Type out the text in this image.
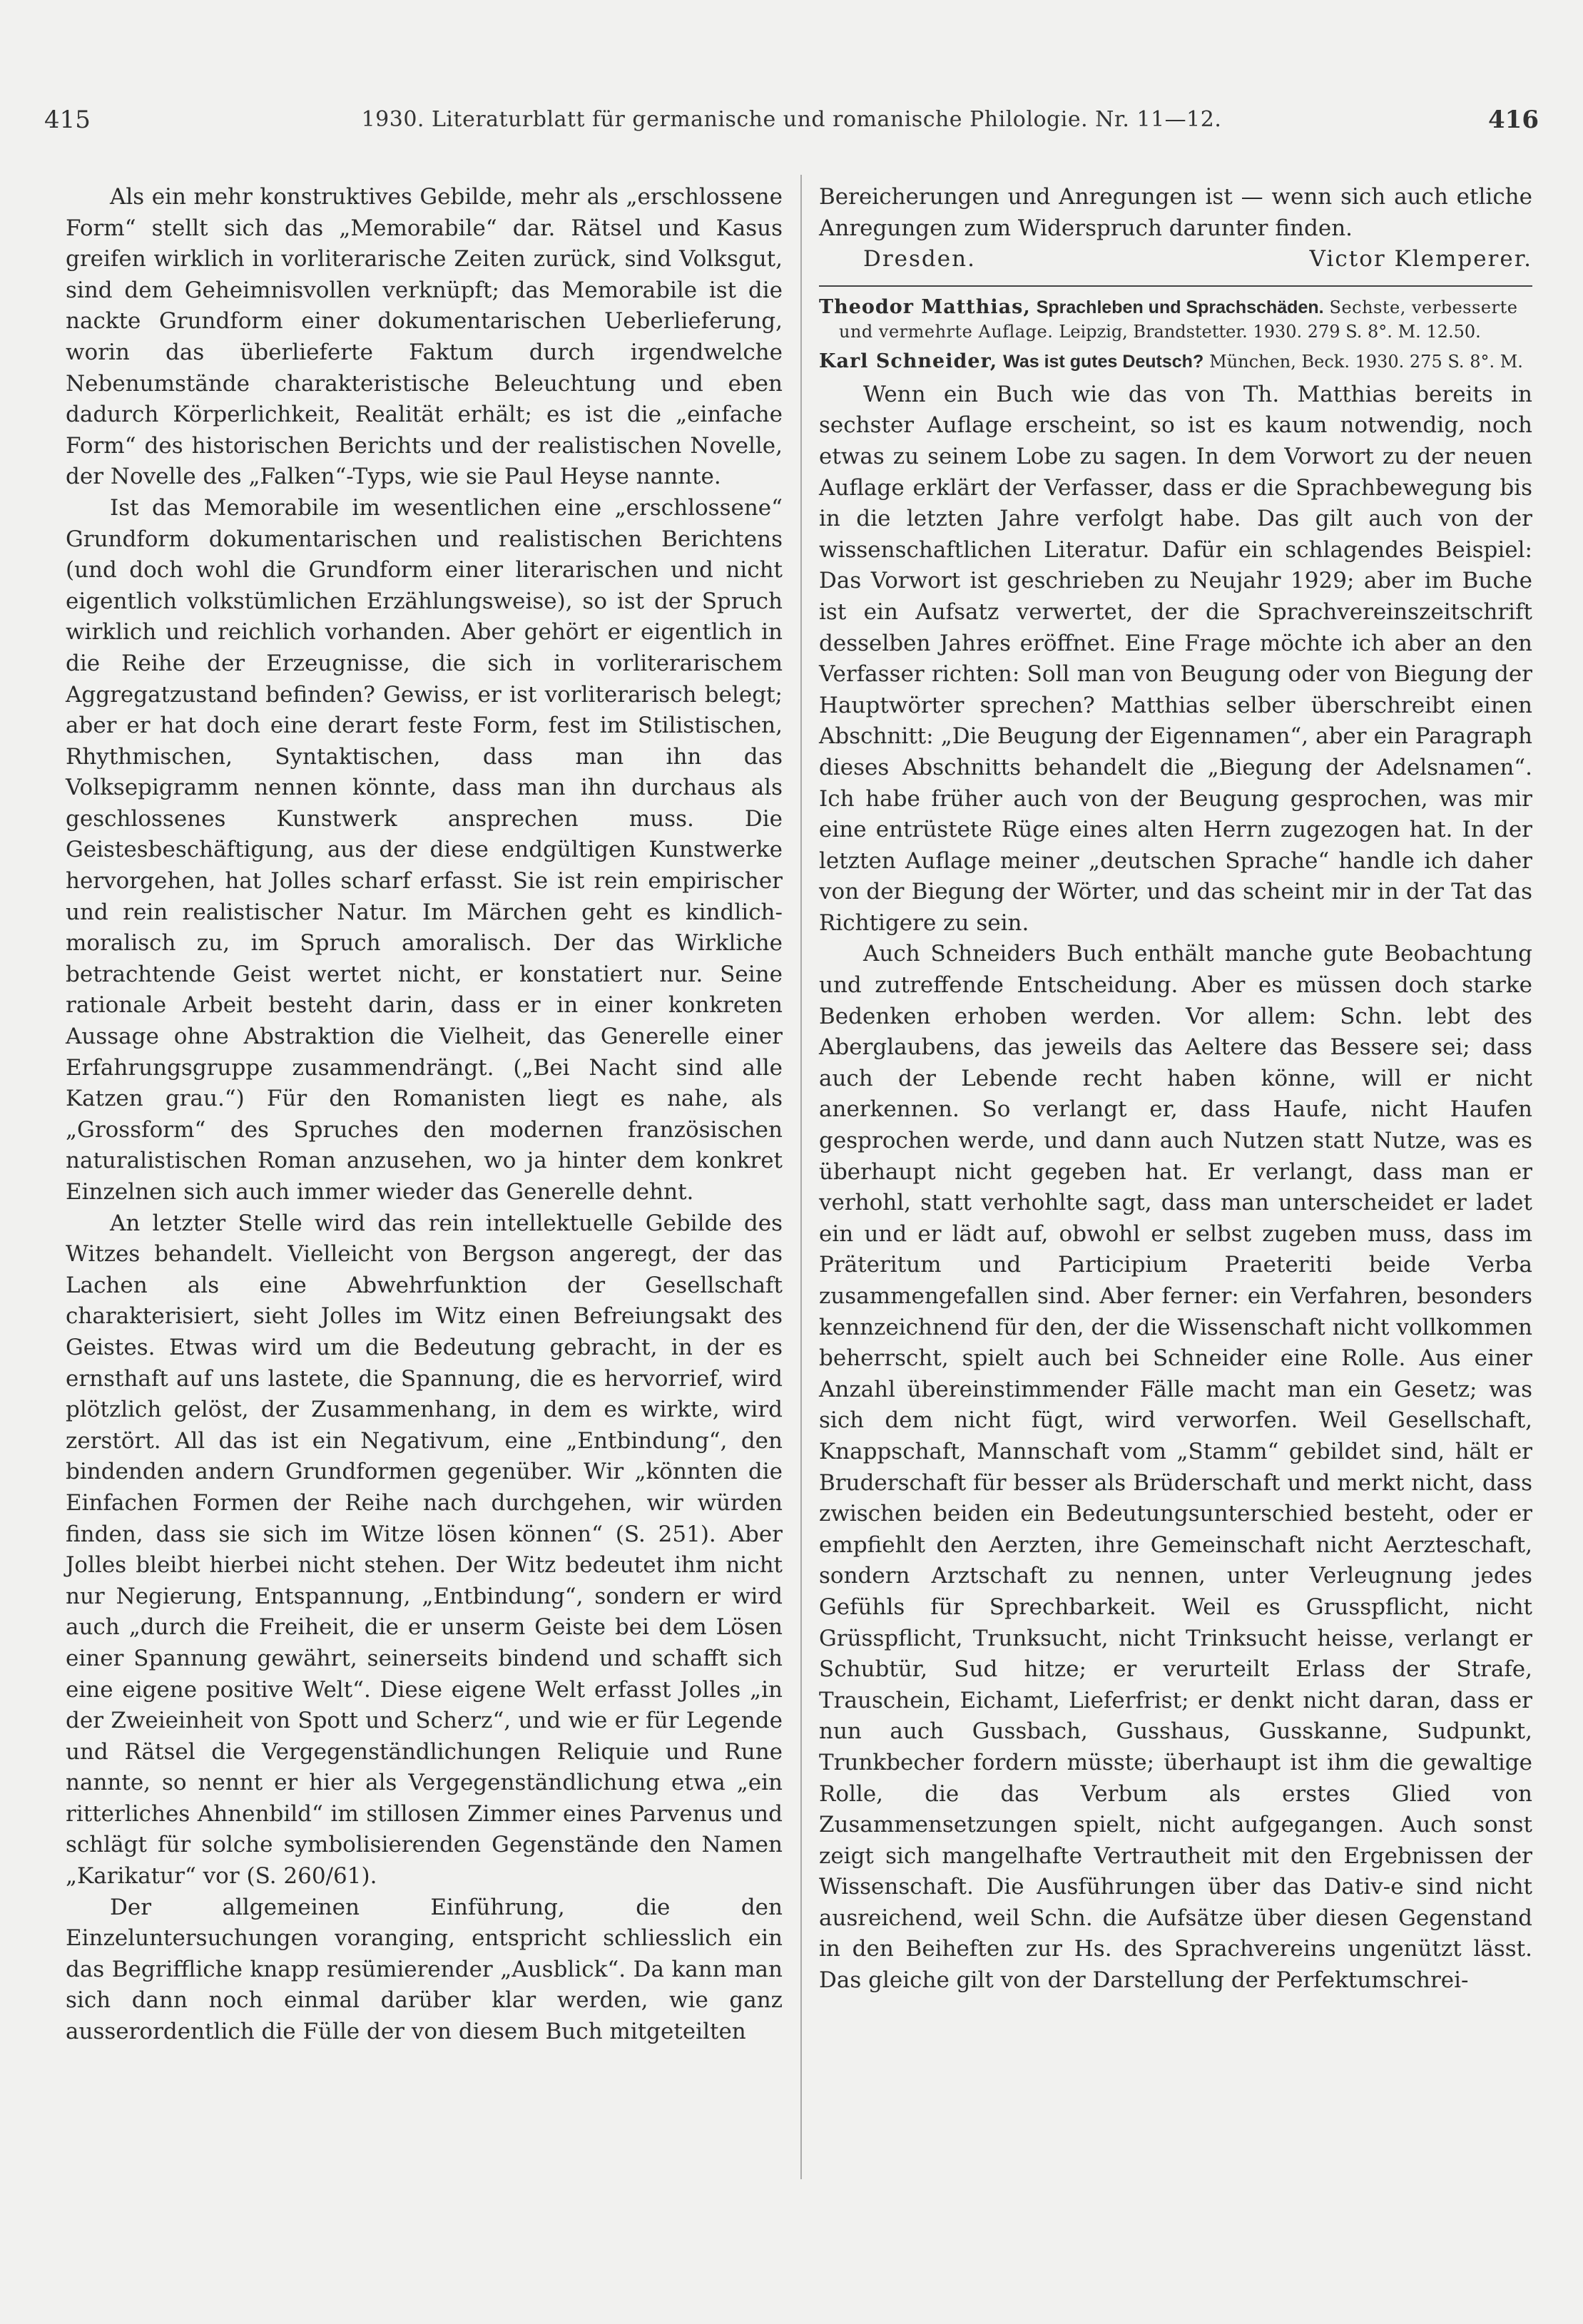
415	1930. Literaturblatt für germanische und romanische Philologie. Nr. 11—12.	416

Als ein mehr konstruktives Gebilde, mehr als „erschlossene Form“ stellt sich das „Memorabile“ dar. Rätsel und Kasus greifen wirklich in vorliterarische Zeiten zurück, sind Volksgut, sind dem Geheimnisvollen verknüpft; das Memorabile ist die nackte Grundform einer dokumentarischen Ueberlieferung, worin das überlieferte Faktum durch irgendwelche Nebenumstände charakteristische Beleuchtung und eben dadurch Körperlichkeit, Realität erhält; es ist die „einfache Form“ des historischen Berichts und der realistischen Novelle, der Novelle des „Falken“-Typs, wie sie Paul Heyse nannte.

Ist das Memorabile im wesentlichen eine „erschlossene“ Grundform dokumentarischen und realistischen Berichtens (und doch wohl die Grundform einer literarischen und nicht eigentlich volkstümlichen Erzählungsweise), so ist der Spruch wirklich und reichlich vorhanden. Aber gehört er eigentlich in die Reihe der Erzeugnisse, die sich in vorliterarischem Aggregatzustand befinden? Gewiss, er ist vorliterarisch belegt; aber er hat doch eine derart feste Form, fest im Stilistischen, Rhythmischen, Syntaktischen, dass man ihn das Volksepigramm nennen könnte, dass man ihn durchaus als geschlossenes Kunstwerk ansprechen muss. Die Geistesbeschäftigung, aus der diese endgültigen Kunstwerke hervorgehen, hat Jolles scharf erfasst. Sie ist rein empirischer und rein realistischer Natur. Im Märchen geht es kindlich-moralisch zu, im Spruch amoralisch. Der das Wirkliche betrachtende Geist wertet nicht, er konstatiert nur. Seine rationale Arbeit besteht darin, dass er in einer konkreten Aussage ohne Abstraktion die Vielheit, das Generelle einer Erfahrungsgruppe zusammendrängt. („Bei Nacht sind alle Katzen grau.“) Für den Romanisten liegt es nahe, als „Grossform“ des Spruches den modernen französischen naturalistischen Roman anzusehen, wo ja hinter dem konkret Einzelnen sich auch immer wieder das Generelle dehnt.

An letzter Stelle wird das rein intellektuelle Gebilde des Witzes behandelt. Vielleicht von Bergson angeregt, der das Lachen als eine Abwehrfunktion der Gesellschaft charakterisiert, sieht Jolles im Witz einen Befreiungsakt des Geistes. Etwas wird um die Bedeutung gebracht, in der es ernsthaft auf uns lastete, die Spannung, die es hervorrief, wird plötzlich gelöst, der Zusammenhang, in dem es wirkte, wird zerstört. All das ist ein Negativum, eine „Entbindung“, den bindenden andern Grundformen gegenüber. Wir „könnten die Einfachen Formen der Reihe nach durchgehen, wir würden finden, dass sie sich im Witze lösen können“ (S. 251). Aber Jolles bleibt hierbei nicht stehen. Der Witz bedeutet ihm nicht nur Negierung, Entspannung, „Entbindung“, sondern er wird auch „durch die Freiheit, die er unserm Geiste bei dem Lösen einer Spannung gewährt, seinerseits bindend und schafft sich eine eigene positive Welt“. Diese eigene Welt erfasst Jolles „in der Zweieinheit von Spott und Scherz“, und wie er für Legende und Rätsel die Vergegenständlichungen Reliquie und Rune nannte, so nennt er hier als Vergegenständlichung etwa „ein ritterliches Ahnenbild“ im stillosen Zimmer eines Parvenus und schlägt für solche symbolisierenden Gegenstände den Namen „Karikatur“ vor (S. 260/61).

Der allgemeinen Einführung, die den Einzeluntersuchungen voranging, entspricht schliesslich ein das Begriffliche knapp resümierender „Ausblick“. Da kann man sich dann noch einmal darüber klar werden, wie ganz ausserordentlich die Fülle der von diesem Buch mitgeteilten

Bereicherungen und Anregungen ist — wenn sich auch etliche Anregungen zum Widerspruch darunter finden.

Dresden.	Victor Klemperer.
Theodor Matthias, Sprachleben und Sprachschäden. Sechste, verbesserte und vermehrte Auflage. Leipzig, Brandstetter. 1930. 279 S. 8°. M. 12.50.
Karl Schneider, Was ist gutes Deutsch? München, Beck. 1930. 275 S. 8°. M.

Wenn ein Buch wie das von Th. Matthias bereits in sechster Auflage erscheint, so ist es kaum notwendig, noch etwas zu seinem Lobe zu sagen. In dem Vorwort zu der neuen Auflage erklärt der Verfasser, dass er die Sprachbewegung bis in die letzten Jahre verfolgt habe. Das gilt auch von der wissenschaftlichen Literatur. Dafür ein schlagendes Beispiel: Das Vorwort ist geschrieben zu Neujahr 1929; aber im Buche ist ein Aufsatz verwertet, der die Sprachvereinszeitschrift desselben Jahres eröffnet. Eine Frage möchte ich aber an den Verfasser richten: Soll man von Beugung oder von Biegung der Hauptwörter sprechen? Matthias selber überschreibt einen Abschnitt: „Die Beugung der Eigennamen“, aber ein Paragraph dieses Abschnitts behandelt die „Biegung der Adelsnamen“. Ich habe früher auch von der Beugung gesprochen, was mir eine entrüstete Rüge eines alten Herrn zugezogen hat. In der letzten Auflage meiner „deutschen Sprache“ handle ich daher von der Biegung der Wörter, und das scheint mir in der Tat das Richtigere zu sein.

Auch Schneiders Buch enthält manche gute Beobachtung und zutreffende Entscheidung. Aber es müssen doch starke Bedenken erhoben werden. Vor allem: Schn. lebt des Aberglaubens, das jeweils das Aeltere das Bessere sei; dass auch der Lebende recht haben könne, will er nicht anerkennen. So verlangt er, dass Haufe, nicht Haufen gesprochen werde, und dann auch Nutzen statt Nutze, was es überhaupt nicht gegeben hat. Er verlangt, dass man er verhohl, statt verhohlte sagt, dass man unterscheidet er ladet ein und er lädt auf, obwohl er selbst zugeben muss, dass im Präteritum und Participium Praeteriti beide Verba zusammengefallen sind. Aber ferner: ein Verfahren, besonders kennzeichnend für den, der die Wissenschaft nicht vollkommen beherrscht, spielt auch bei Schneider eine Rolle. Aus einer Anzahl übereinstimmender Fälle macht man ein Gesetz; was sich dem nicht fügt, wird verworfen. Weil Gesellschaft, Knappschaft, Mannschaft vom „Stamm“ gebildet sind, hält er Bruderschaft für besser als Brüderschaft und merkt nicht, dass zwischen beiden ein Bedeutungsunterschied besteht, oder er empfiehlt den Aerzten, ihre Gemeinschaft nicht Aerzteschaft, sondern Arztschaft zu nennen, unter Verleugnung jedes Gefühls für Sprechbarkeit. Weil es Grusspflicht, nicht Grüsspflicht, Trunksucht, nicht Trinksucht heisse, verlangt er Schubtür, Sud hitze; er verurteilt Erlass der Strafe, Trauschein, Eichamt, Lieferfrist; er denkt nicht daran, dass er nun auch Gussbach, Gusshaus, Gusskanne, Sudpunkt, Trunkbecher fordern müsste; überhaupt ist ihm die gewaltige Rolle, die das Verbum als erstes Glied von Zusammensetzungen spielt, nicht aufgegangen. Auch sonst zeigt sich mangelhafte Vertrautheit mit den Ergebnissen der Wissenschaft. Die Ausführungen über das Dativ-e sind nicht ausreichend, weil Schn. die Aufsätze über diesen Gegenstand in den Beiheften zur Hs. des Sprachvereins ungenützt lässt. Das gleiche gilt von der Darstellung der Perfektumschrei-
